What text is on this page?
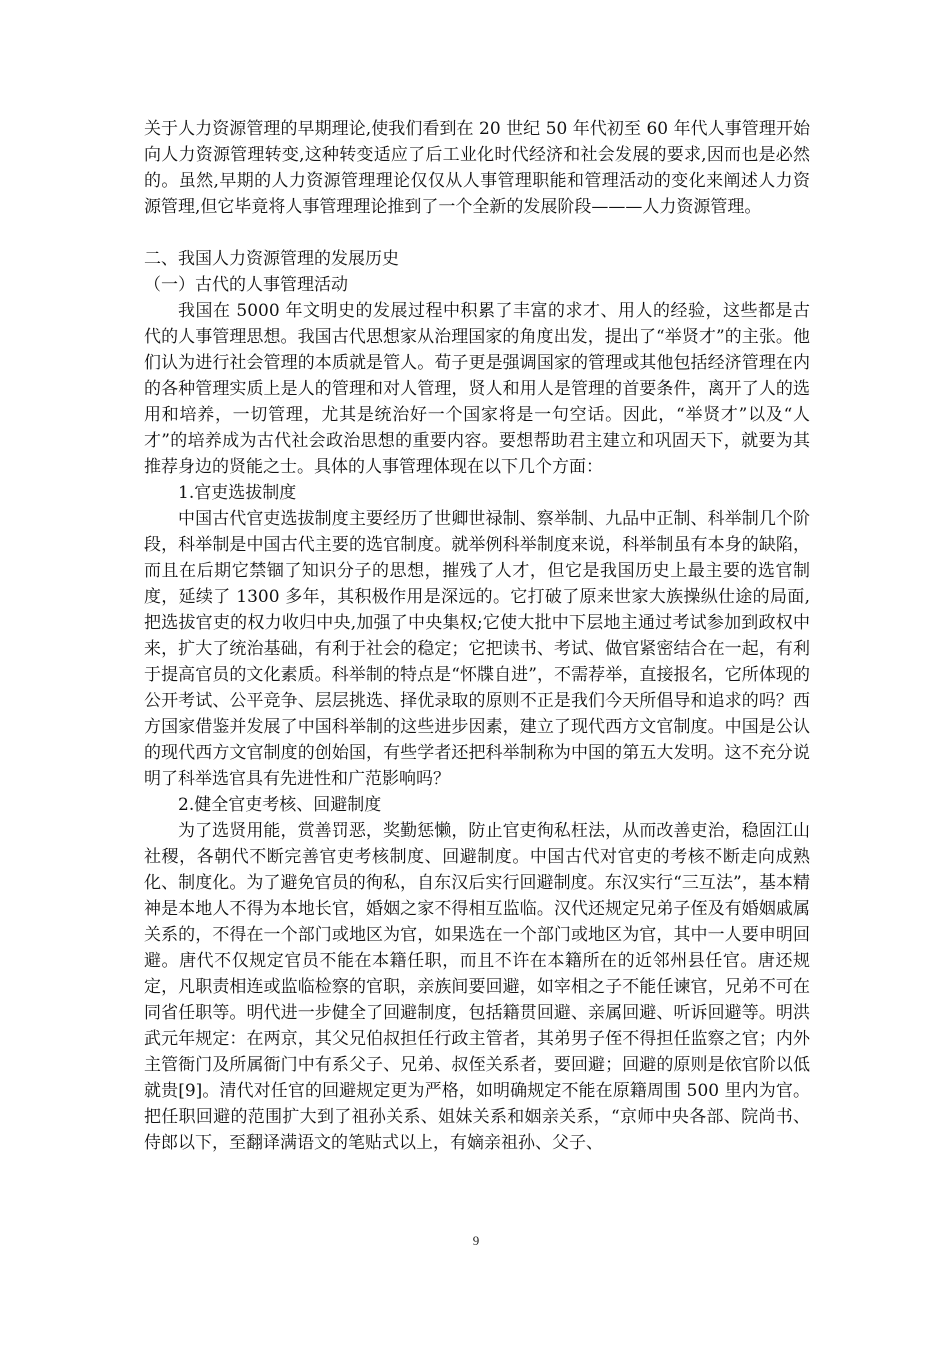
关于人力资源管理的早期理论,使我们看到在 20 世纪 50 年代初至 60 年代人事管理开始向人力资源管理转变,这种转变适应了后工业化时代经济和社会发展的要求,因而也是必然的。虽然,早期的人力资源管理理论仅仅从人事管理职能和管理活动的变化来阐述人力资源管理,但它毕竟将人事管理理论推到了一个全新的发展阶段———人力资源管理。

二、我国人力资源管理的发展历史

（一）古代的人事管理活动

我国在 5000 年文明史的发展过程中积累了丰富的求才、用人的经验，这些都是古代的人事管理思想。我国古代思想家从治理国家的角度出发，提出了“举贤才”的主张。他们认为进行社会管理的本质就是管人。荀子更是强调国家的管理或其他包括经济管理在内的各种管理实质上是人的管理和对人管理，贤人和用人是管理的首要条件，离开了人的选用和培养，一切管理，尤其是统治好一个国家将是一句空话。因此，“举贤才”以及“人才”的培养成为古代社会政治思想的重要内容。要想帮助君主建立和巩固天下，就要为其推荐身边的贤能之士。具体的人事管理体现在以下几个方面：

1.官吏选拔制度

中国古代官吏选拔制度主要经历了世卿世禄制、察举制、九品中正制、科举制几个阶段，科举制是中国古代主要的选官制度。就举例科举制度来说，科举制虽有本身的缺陷，而且在后期它禁锢了知识分子的思想，摧残了人才，但它是我国历史上最主要的选官制度，延续了 1300 多年，其积极作用是深远的。它打破了原来世家大族操纵仕途的局面,把选拔官吏的权力收归中央,加强了中央集权;它使大批中下层地主通过考试参加到政权中来，扩大了统治基础，有利于社会的稳定；它把读书、考试、做官紧密结合在一起，有利于提高官员的文化素质。科举制的特点是“怀牒自进”，不需荐举，直接报名，它所体现的公开考试、公平竞争、层层挑选、择优录取的原则不正是我们今天所倡导和追求的吗？西方国家借鉴并发展了中国科举制的这些进步因素，建立了现代西方文官制度。中国是公认的现代西方文官制度的创始国，有些学者还把科举制称为中国的第五大发明。这不充分说明了科举选官具有先进性和广范影响吗？

2.健全官吏考核、回避制度

为了选贤用能，赏善罚恶，奖勤惩懒，防止官吏徇私枉法，从而改善吏治，稳固江山社稷，各朝代不断完善官吏考核制度、回避制度。中国古代对官吏的考核不断走向成熟化、制度化。为了避免官员的徇私，自东汉后实行回避制度。东汉实行“三互法”，基本精神是本地人不得为本地长官，婚姻之家不得相互监临。汉代还规定兄弟子侄及有婚姻戚属关系的，不得在一个部门或地区为官，如果选在一个部门或地区为官，其中一人要申明回避。唐代不仅规定官员不能在本籍任职，而且不许在本籍所在的近邻州县任官。唐还规定，凡职责相连或监临检察的官职，亲族间要回避，如宰相之子不能任谏官，兄弟不可在同省任职等。明代进一步健全了回避制度，包括籍贯回避、亲属回避、听诉回避等。明洪武元年规定：在两京，其父兄伯叔担任行政主管者，其弟男子侄不得担任监察之官；内外主管衙门及所属衙门中有系父子、兄弟、叔侄关系者，要回避；回避的原则是依官阶以低就贵[9]。清代对任官的回避规定更为严格，如明确规定不能在原籍周围 500 里内为官。把任职回避的范围扩大到了祖孙关系、姐妹关系和姻亲关系，“京师中央各部、院尚书、侍郎以下，至翻译满语文的笔贴式以上，有嫡亲祖孙、父子、

9
